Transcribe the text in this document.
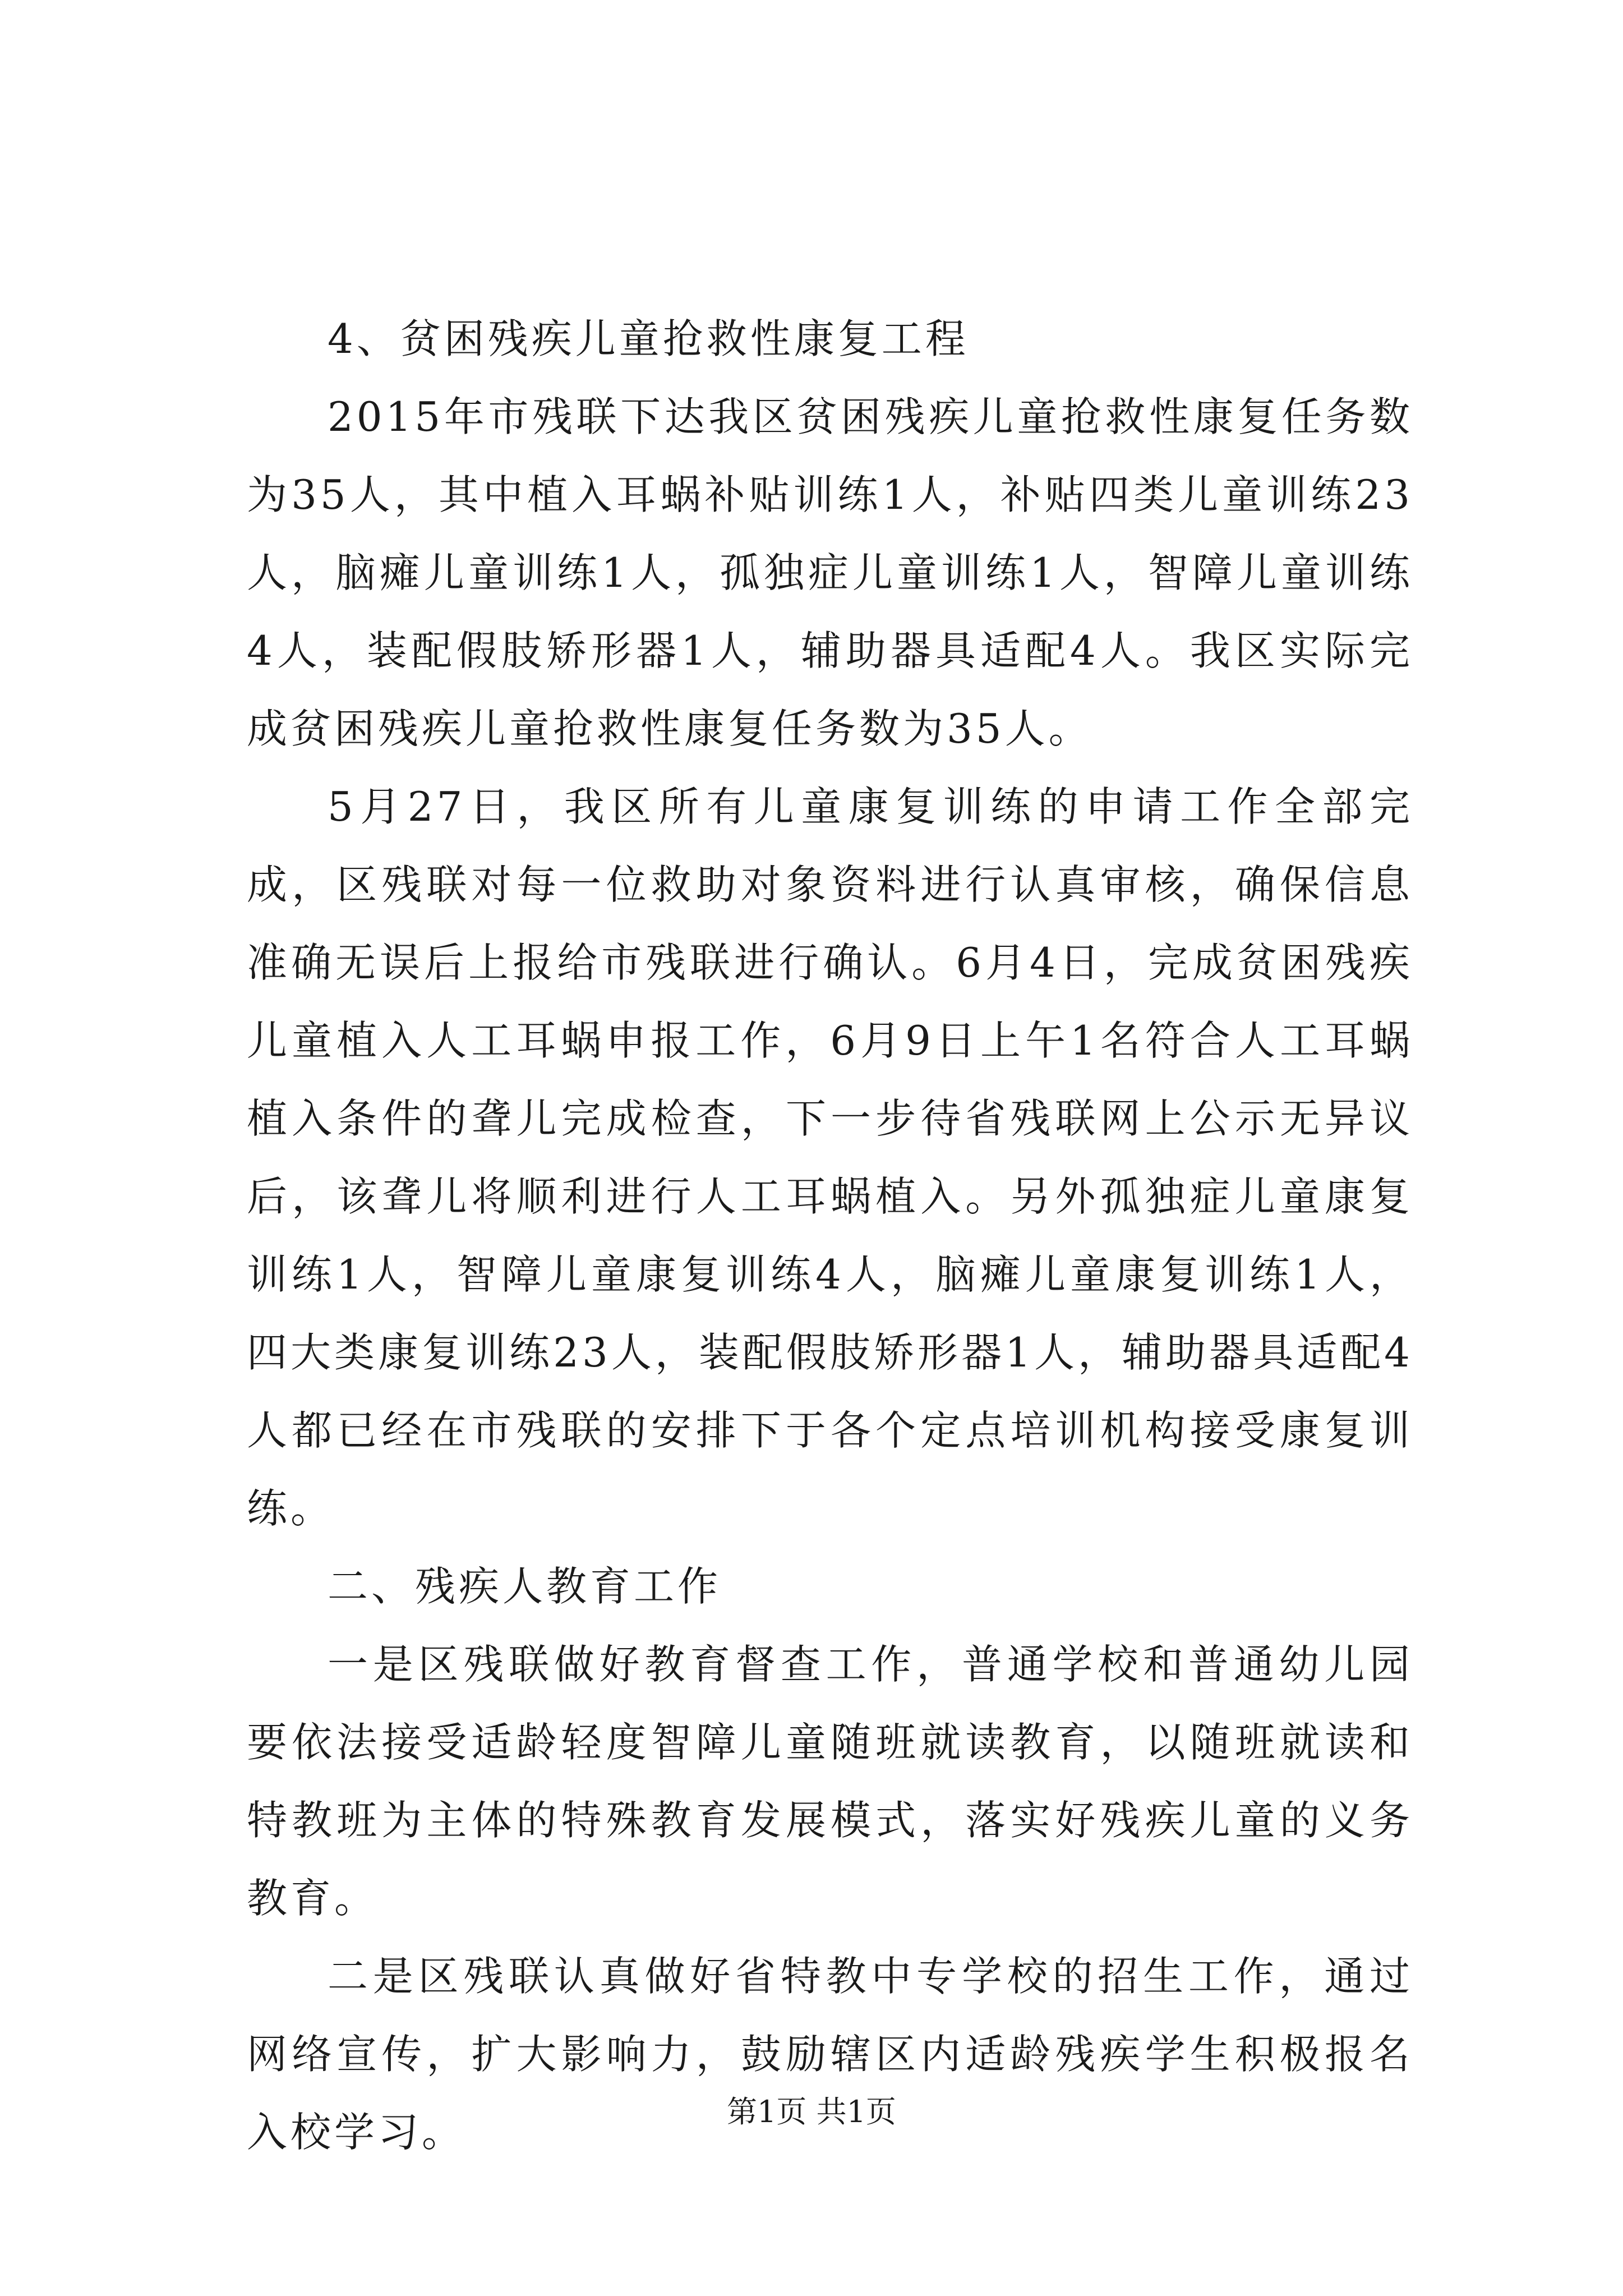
4、贫困残疾儿童抢救性康复工程

2015年市残联下达我区贫困残疾儿童抢救性康复任务数为35人，其中植入耳蜗补贴训练1人，补贴四类儿童训练23人，脑瘫儿童训练1人，孤独症儿童训练1人，智障儿童训练4人，装配假肢矫形器1人，辅助器具适配4人。我区实际完成贫困残疾儿童抢救性康复任务数为35人。

5月27日，我区所有儿童康复训练的申请工作全部完成，区残联对每一位救助对象资料进行认真审核，确保信息准确无误后上报给市残联进行确认。6月4日，完成贫困残疾儿童植入人工耳蜗申报工作，6月9日上午1名符合人工耳蜗植入条件的聋儿完成检查，下一步待省残联网上公示无异议后，该聋儿将顺利进行人工耳蜗植入。另外孤独症儿童康复训练1人，智障儿童康复训练4人，脑瘫儿童康复训练1人，四大类康复训练23人，装配假肢矫形器1人，辅助器具适配4人都已经在市残联的安排下于各个定点培训机构接受康复训练。

二、残疾人教育工作

一是区残联做好教育督查工作，普通学校和普通幼儿园要依法接受适龄轻度智障儿童随班就读教育，以随班就读和特教班为主体的特殊教育发展模式，落实好残疾儿童的义务教育。

二是区残联认真做好省特教中专学校的招生工作，通过网络宣传，扩大影响力，鼓励辖区内适龄残疾学生积极报名入校学习。	第1页 共1页
